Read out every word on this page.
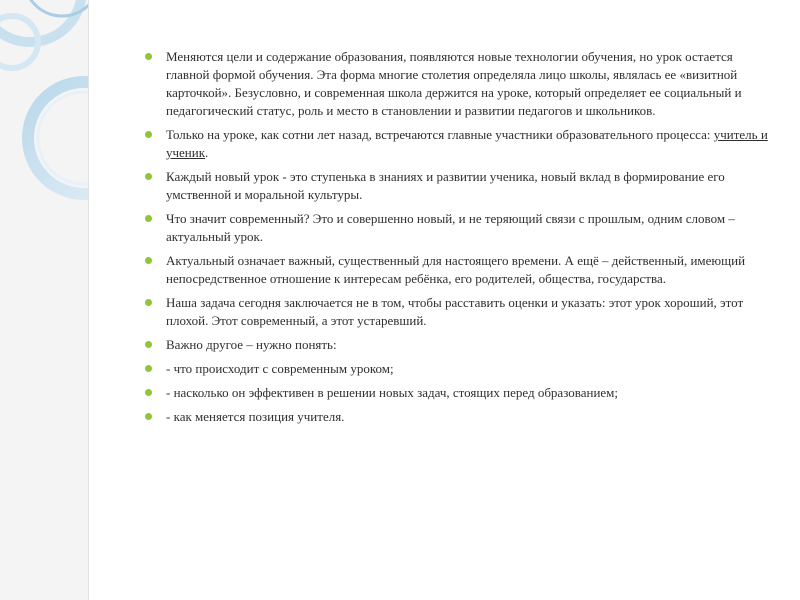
Меняются цели и содержание образования, появляются новые технологии обучения, но урок остается главной формой обучения. Эта форма многие столетия определяла лицо школы, являлась ее «визитной карточкой». Безусловно, и современная школа держится на уроке, который определяет ее социальный и педагогический статус, роль и место в становлении и развитии педагогов и школьников.
Только на уроке, как сотни лет назад, встречаются главные участники образовательного процесса: учитель и ученик.
Каждый новый урок - это ступенька в знаниях и развитии ученика, новый вклад в формирование его умственной и моральной культуры.
Что значит современный? Это и совершенно новый, и не теряющий связи с прошлым, одним словом – актуальный урок.
Актуальный означает важный, существенный для настоящего времени. А ещё – действенный, имеющий непосредственное отношение к интересам ребёнка, его родителей, общества, государства.
Наша задача сегодня заключается не в том, чтобы расставить оценки и указать: этот урок хороший, этот плохой. Этот современный, а этот устаревший.
Важно другое – нужно понять:
- что происходит с современным уроком;
- насколько он эффективен в решении новых задач, стоящих перед образованием;
- как меняется позиция учителя.
